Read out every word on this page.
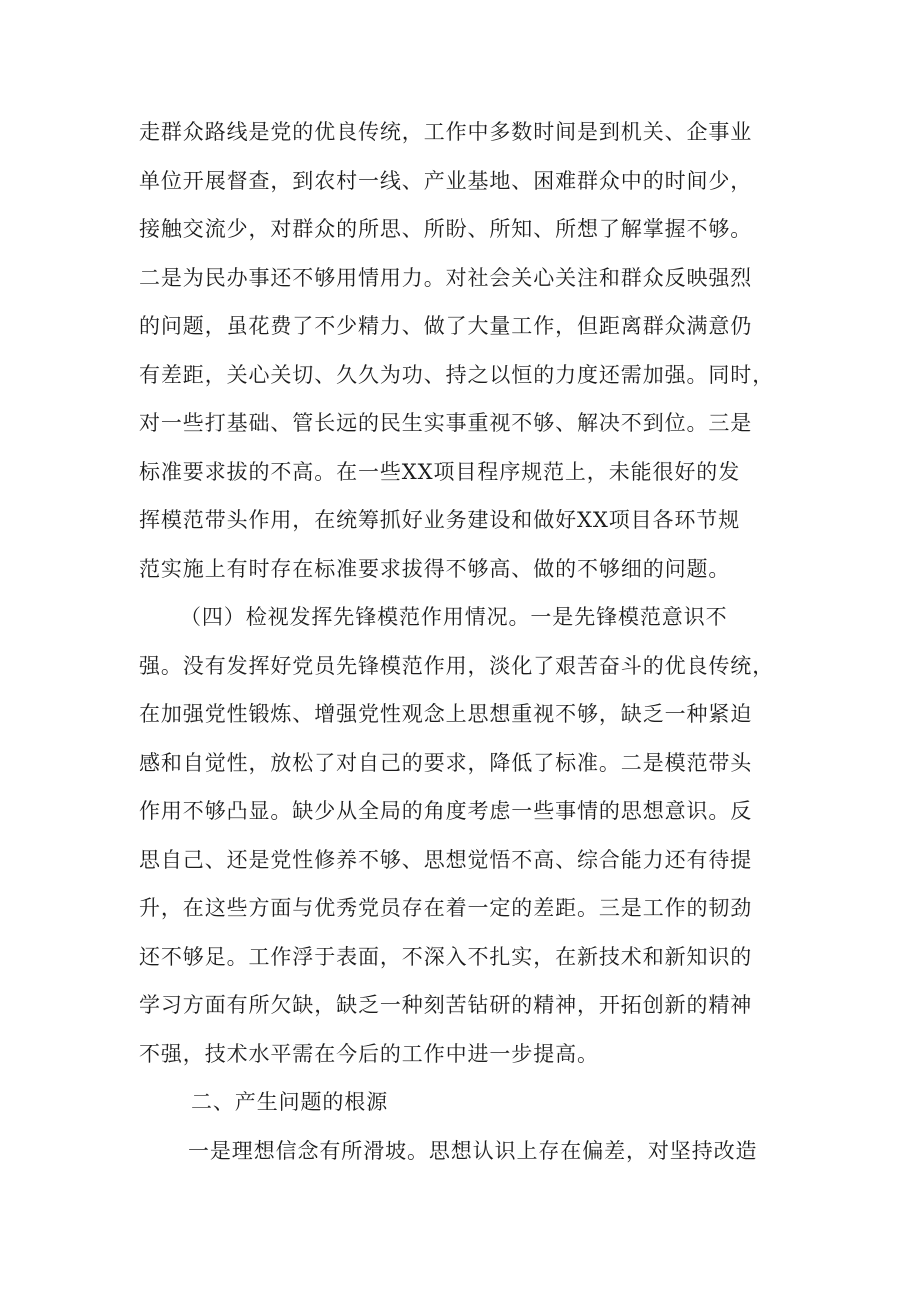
走群众路线是党的优良传统，工作中多数时间是到机关、企事业
单位开展督查，到农村一线、产业基地、困难群众中的时间少，
接触交流少，对群众的所思、所盼、所知、所想了解掌握不够。
二是为民办事还不够用情用力。对社会关心关注和群众反映强烈
的问题，虽花费了不少精力、做了大量工作，但距离群众满意仍
有差距，关心关切、久久为功、持之以恒的力度还需加强。同时，
对一些打基础、管长远的民生实事重视不够、解决不到位。三是
标准要求拔的不高。在一些XX项目程序规范上，未能很好的发
挥模范带头作用，在统筹抓好业务建设和做好XX项目各环节规
范实施上有时存在标准要求拔得不够高、做的不够细的问题。
（四）检视发挥先锋模范作用情况。一是先锋模范意识不
强。没有发挥好党员先锋模范作用，淡化了艰苦奋斗的优良传统，
在加强党性锻炼、增强党性观念上思想重视不够，缺乏一种紧迫
感和自觉性，放松了对自己的要求，降低了标准。二是模范带头
作用不够凸显。缺少从全局的角度考虑一些事情的思想意识。反
思自己、还是党性修养不够、思想觉悟不高、综合能力还有待提
升，在这些方面与优秀党员存在着一定的差距。三是工作的韧劲
还不够足。工作浮于表面，不深入不扎实，在新技术和新知识的
学习方面有所欠缺，缺乏一种刻苦钻研的精神，开拓创新的精神
不强，技术水平需在今后的工作中进一步提高。
二、产生问题的根源
一是理想信念有所滑坡。思想认识上存在偏差，对坚持改造
